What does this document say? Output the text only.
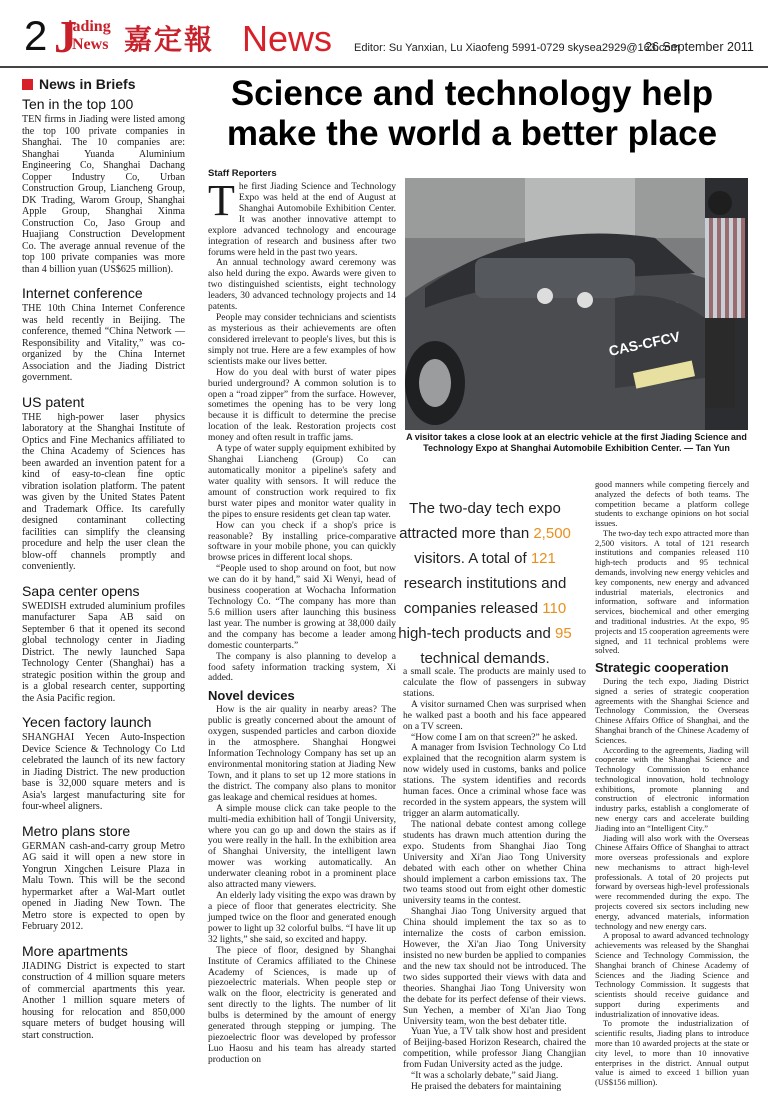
2 J
iading
News 嘉定報 News Editor: Su Yanxian, Lu Xiaofeng 5991-0729 skysea2929@163.com
26 September 2011
News in Briefs
Ten in the top 100

TEN firms in Jiading were listed among the top 100 private companies in Shanghai. The 10 companies are: Shanghai Yuanda Aluminium Engineering Co, Shanghai Dachang Copper Industry Co, Urban Construction Group, Liancheng Group, DK Trading, Warom Group, Shanghai Apple Group, Shanghai Xinma Construction Co, Jaso Group and Huajiang Construction Development Co. The average annual revenue of the top 100 private companies was more than 4 billion yuan (US$625 million).

Internet conference

THE 10th China Internet Conference was held recently in Beijing. The conference, themed “China Network — Responsibility and Vitality,” was co-organized by the China Internet Association and the Jiading District government.

US patent

THE high-power laser physics laboratory at the Shanghai Institute of Optics and Fine Mechanics affiliated to the China Academy of Sciences has been awarded an invention patent for a kind of easy-to-clean fine optic vibration isolation platform. The patent was given by the United States Patent and Trademark Office. Its carefully designed contaminant collecting facilities can simplify the cleansing procedure and help the user clean the blow-off channels promptly and conveniently.

Sapa center opens

SWEDISH extruded aluminium profiles manufacturer Sapa AB said on September 6 that it opened its second global technology center in Jiading District. The newly launched Sapa Technology Center (Shanghai) has a strategic position within the group and is a global research center, supporting the Asia Pacific region.

Yecen factory launch

SHANGHAI Yecen Auto-Inspection Device Science & Technology Co Ltd celebrated the launch of its new factory in Jiading District. The new production base is 32,000 square meters and is Asia's largest manufacturing site for four-wheel aligners.

Metro plans store

GERMAN cash-and-carry group Metro AG said it will open a new store in Yongrun Xingchen Leisure Plaza in Malu Town. This will be the second hypermarket after a Wal-Mart outlet opened in Jiading New Town. The Metro store is expected to open by February 2012.

More apartments

JIADING District is expected to start construction of 4 million square meters of commercial apartments this year. Another 1 million square meters of housing for relocation and 850,000 square meters of budget housing will start construction.

Science and technology help make the world a better place
Staff Reporters

The first Jiading Science and Technology Expo was held at the end of August at Shanghai Automobile Exhibition Center. It was another innovative attempt to explore advanced technology and encourage integration of research and business after two forums were held in the past two years.

An annual technology award ceremony was also held during the expo. Awards were given to two distinguished scientists, eight technology leaders, 30 advanced technology projects and 14 patents.

People may consider technicians and scientists as mysterious as their achievements are often considered irrelevant to people's lives, but this is simply not true. Here are a few examples of how scientists make our lives better.

How do you deal with burst of water pipes buried underground? A common solution is to open a “road zipper” from the surface. However, sometimes the opening has to be very long because it is difficult to determine the precise location of the leak. Restoration projects cost money and often result in traffic jams.

A type of water supply equipment exhibited by Shanghai Liancheng (Group) Co can automatically monitor a pipeline's safety and water quality with sensors. It will reduce the amount of construction work required to fix burst water pipes and monitor water quality in the pipes to ensure residents get clean tap water.

How can you check if a shop's price is reasonable? By installing price-comparative software in your mobile phone, you can quickly browse prices in different local shops.

“People used to shop around on foot, but now we can do it by hand,” said Xi Wenyi, head of business cooperation at Wochacha Information Technology Co. “The company has more than 5.6 million users after launching this business last year. The number is growing at 38,000 daily and the company has become a leader among domestic counterparts.”

The company is also planning to develop a food safety information tracking system, Xi added.

Novel devices

How is the air quality in nearby areas? The public is greatly concerned about the amount of oxygen, suspended particles and carbon dioxide in the atmosphere. Shanghai Hongwei Information Technology Company has set up an environmental monitoring station at Jiading New Town, and it plans to set up 12 more stations in the district. The company also plans to monitor gas leakage and chemical residues at homes.

A simple mouse click can take people to the multi-media exhibition hall of Tongji University, where you can go up and down the stairs as if you were really in the hall. In the exhibition area of Shanghai University, the intelligent lawn mower was working automatically. An underwater cleaning robot in a prominent place also attracted many viewers.

An elderly lady visiting the expo was drawn by a piece of floor that generates electricity. She jumped twice on the floor and generated enough power to light up 32 colorful bulbs. “I have lit up 32 lights,” she said, so excited and happy.

The piece of floor, designed by Shanghai Institute of Ceramics affiliated to the Chinese Academy of Sciences, is made up of piezoelectric materials. When people step or walk on the floor, electricity is generated and sent directly to the lights. The number of lit bulbs is determined by the amount of energy generated through stepping or jumping. The piezoelectric floor was developed by professor Luo Haosu and his team has already started production on

CAS-CFCV
A visitor takes a close look at an electric vehicle at the first Jiading Science and Technology Expo at Shanghai Automobile Exhibition Center. — Tan Yun
The two-day tech expo attracted more than 2,500 visitors. A total of 121 research institutions and companies released 110 high-tech products and 95 technical demands.

a small scale. The products are mainly used to calculate the flow of passengers in subway stations.

A visitor surnamed Chen was surprised when he walked past a booth and his face appeared on a TV screen.

“How come I am on that screen?” he asked.

A manager from Isvision Technology Co Ltd explained that the recognition alarm system is now widely used in customs, banks and police stations. The system identifies and records human faces. Once a criminal whose face was recorded in the system appears, the system will trigger an alarm automatically.

The national debate contest among college students has drawn much attention during the expo. Students from Shanghai Jiao Tong University and Xi'an Jiao Tong University debated with each other on whether China should implement a carbon emissions tax. The two teams stood out from eight other domestic university teams in the contest.

Shanghai Jiao Tong University argued that China should implement the tax so as to internalize the costs of carbon emission. However, the Xi'an Jiao Tong University insisted no new burden be applied to companies and the new tax should not be introduced. The two sides supported their views with data and theories. Shanghai Jiao Tong University won the debate for its perfect defense of their views. Sun Yechen, a member of Xi'an Jiao Tong University team, won the best debater title.

Yuan Yue, a TV talk show host and president of Beijing-based Horizon Research, chaired the competition, while professor Jiang Changjian from Fudan University acted as the judge.

“It was a scholarly debate,” said Jiang.

He praised the debaters for maintaining

good manners while competing fiercely and analyzed the defects of both teams. The competition became a platform college students to exchange opinions on hot social issues.

The two-day tech expo attracted more than 2,500 visitors. A total of 121 research institutions and companies released 110 high-tech products and 95 technical demands, involving new energy vehicles and key components, new energy and advanced industrial materials, electronics and information, software and information services, biochemical and other emerging and traditional industries. At the expo, 95 projects and 15 cooperation agreements were signed, and 11 technical problems were solved.

Strategic cooperation

During the tech expo, Jiading District signed a series of strategic cooperation agreements with the Shanghai Science and Technology Commission, the Overseas Chinese Affairs Office of Shanghai, and the Shanghai branch of the Chinese Academy of Sciences.

According to the agreements, Jiading will cooperate with the Shanghai Science and Technology Commission to enhance technological innovation, hold technology exhibitions, promote planning and construction of electronic information industry parks, establish a conglomerate of new energy cars and accelerate building Jiading into an “Intelligent City.”

Jiading will also work with the Overseas Chinese Affairs Office of Shanghai to attract more overseas professionals and explore new mechanisms to attract high-level professionals. A total of 20 projects put forward by overseas high-level professionals were recommended during the expo. The projects covered six sectors including new energy, advanced materials, information technology and new energy cars.

A proposal to award advanced technology achievements was released by the Shanghai Science and Technology Commission, the Shanghai branch of Chinese Academy of Sciences and the Jiading Science and Technology Commission. It suggests that scientists should receive guidance and support during experiments and industrialization of innovative ideas.

To promote the industrialization of scientific results, Jiading plans to introduce more than 10 awarded projects at the state or city level, to more than 10 innovative enterprises in the district. Annual output value is aimed to exceed 1 billion yuan (US$156 million).
